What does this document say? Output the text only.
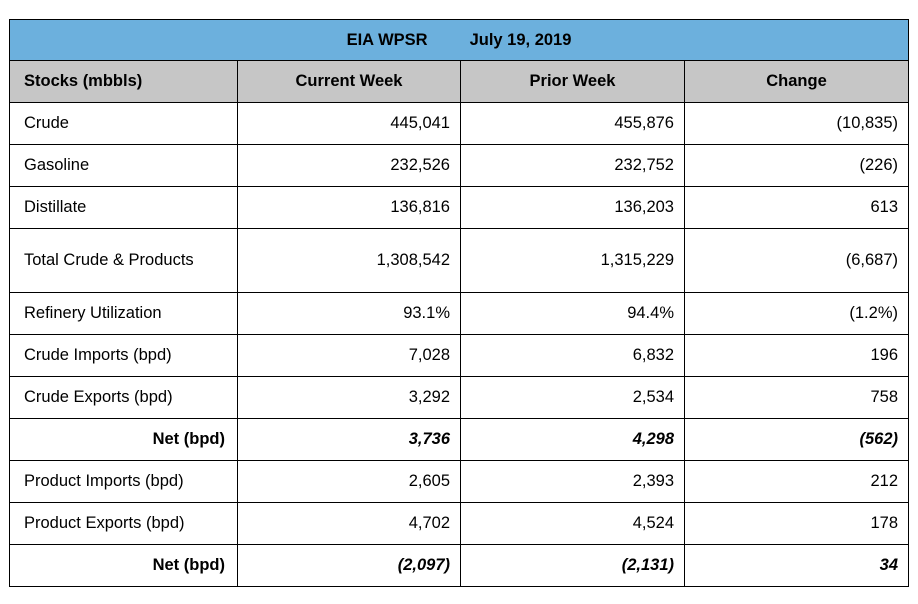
EIA WPSR July 19, 2019			
Stocks (mbbls)	Current Week	Prior Week	Change
Crude	445,041	455,876	(10,835)
Gasoline	232,526	232,752	(226)
Distillate	136,816	136,203	613
Total Crude & Products	1,308,542	1,315,229	(6,687)
Refinery Utilization	93.1%	94.4%	(1.2%)
Crude Imports (bpd)	7,028	6,832	196
Crude Exports (bpd)	3,292	2,534	758
Net (bpd)	3,736	4,298	(562)
Product Imports (bpd)	2,605	2,393	212
Product Exports (bpd)	4,702	4,524	178
Net (bpd)	(2,097)	(2,131)	34
